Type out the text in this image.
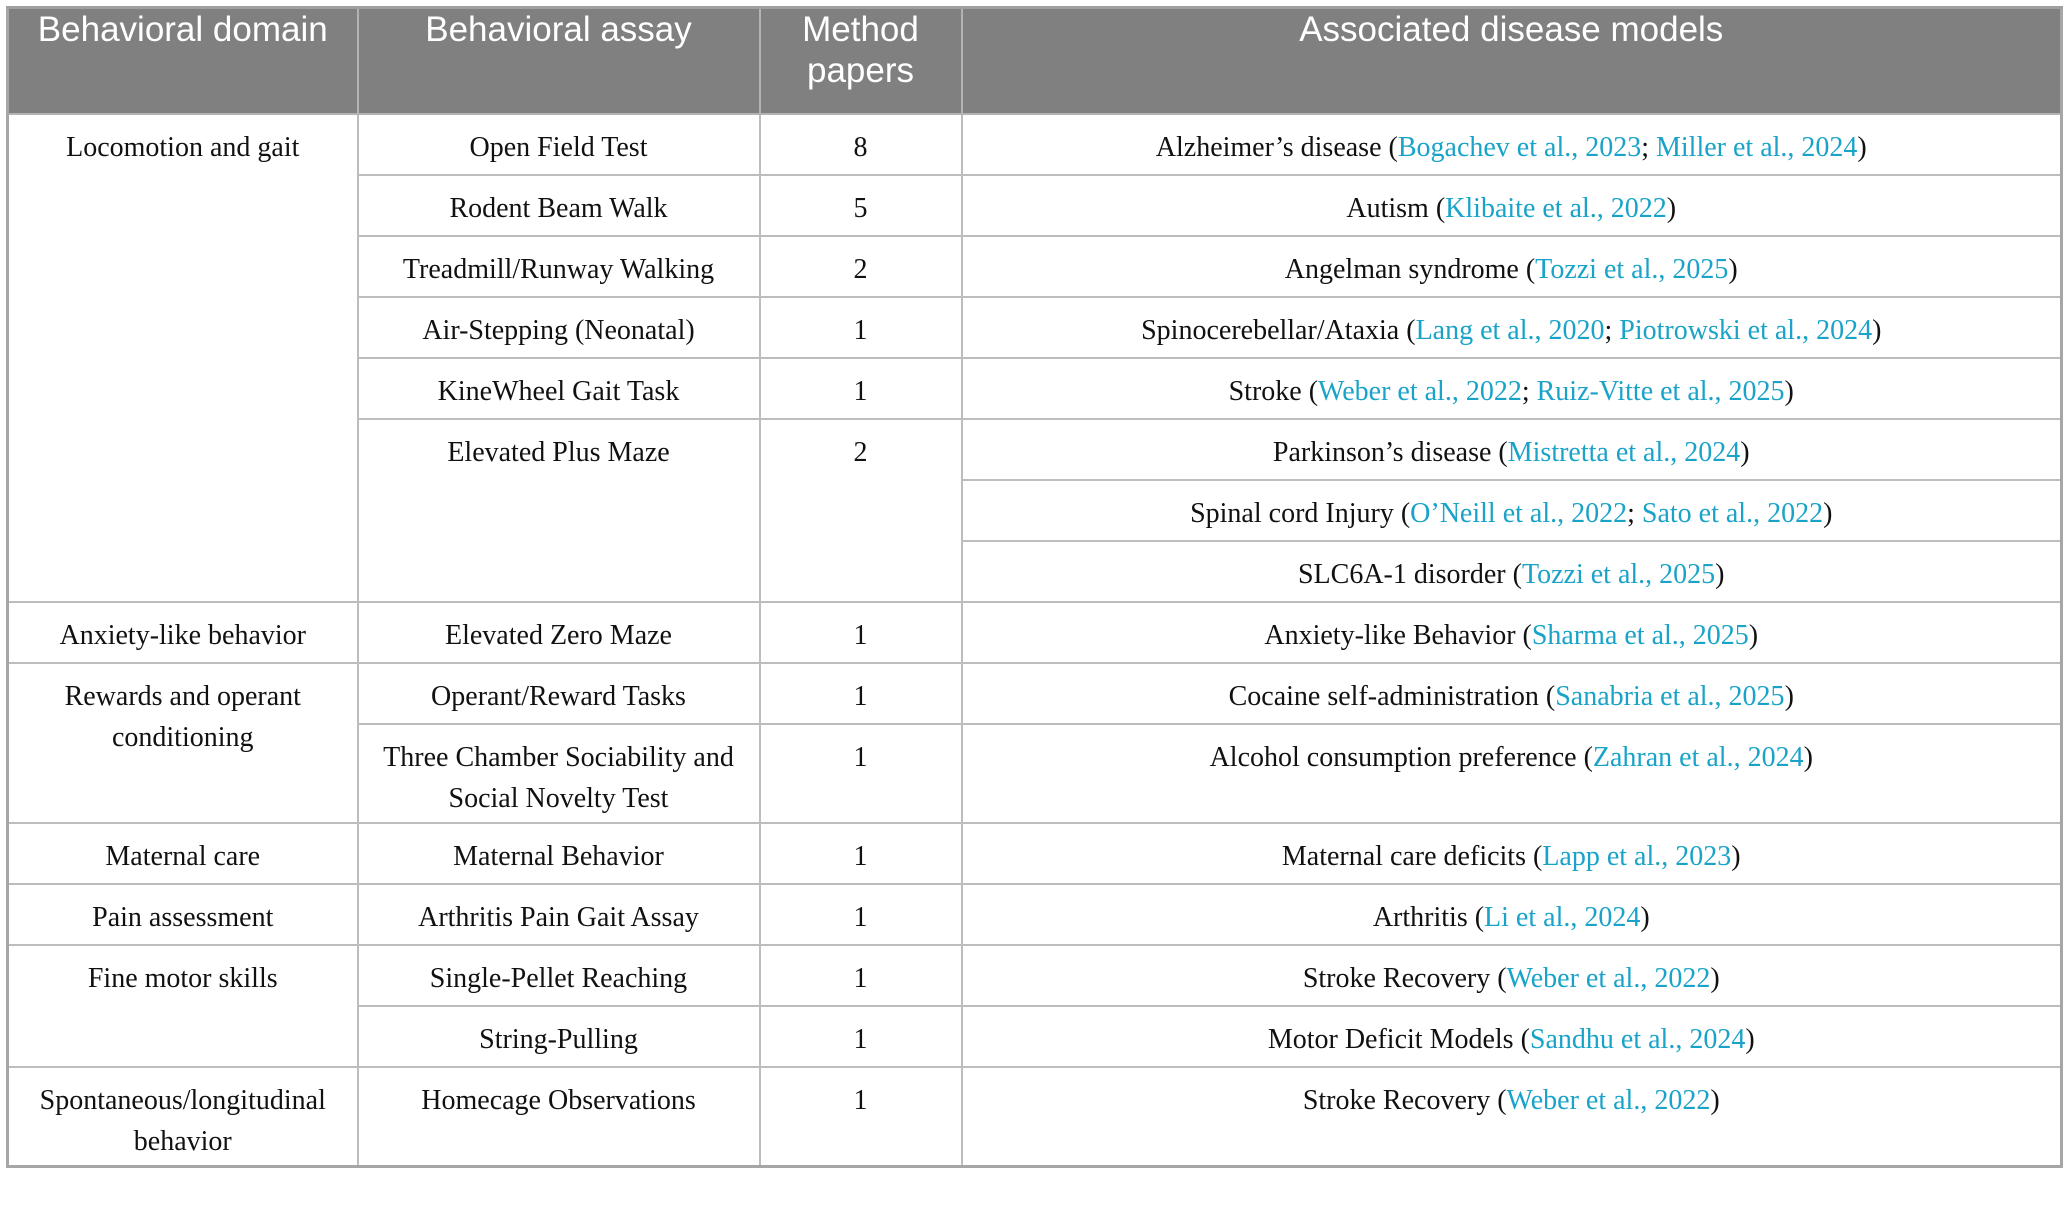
Behavioral domain	Behavioral assay	Method papers	Associated disease models
Locomotion and gait	Open Field Test	8	Alzheimer’s disease (Bogachev et al., 2023; Miller et al., 2024)
	Rodent Beam Walk	5	Autism (Klibaite et al., 2022)
	Treadmill/Runway Walking	2	Angelman syndrome (Tozzi et al., 2025)
	Air-Stepping (Neonatal)	1	Spinocerebellar/Ataxia (Lang et al., 2020; Piotrowski et al., 2024)
	KineWheel Gait Task	1	Stroke (Weber et al., 2022; Ruiz-Vitte et al., 2025)
	Elevated Plus Maze	2	Parkinson’s disease (Mistretta et al., 2024)
			Spinal cord Injury (O’Neill et al., 2022; Sato et al., 2022)
			SLC6A-1 disorder (Tozzi et al., 2025)
Anxiety-like behavior	Elevated Zero Maze	1	Anxiety-like Behavior (Sharma et al., 2025)
Rewards and operant conditioning	Operant/Reward Tasks	1	Cocaine self-administration (Sanabria et al., 2025)
	Three Chamber Sociability and Social Novelty Test	1	Alcohol consumption preference (Zahran et al., 2024)
Maternal care	Maternal Behavior	1	Maternal care deficits (Lapp et al., 2023)
Pain assessment	Arthritis Pain Gait Assay	1	Arthritis (Li et al., 2024)
Fine motor skills	Single-Pellet Reaching	1	Stroke Recovery (Weber et al., 2022)
	String-Pulling	1	Motor Deficit Models (Sandhu et al., 2024)
Spontaneous/longitudinal behavior	Homecage Observations	1	Stroke Recovery (Weber et al., 2022)
